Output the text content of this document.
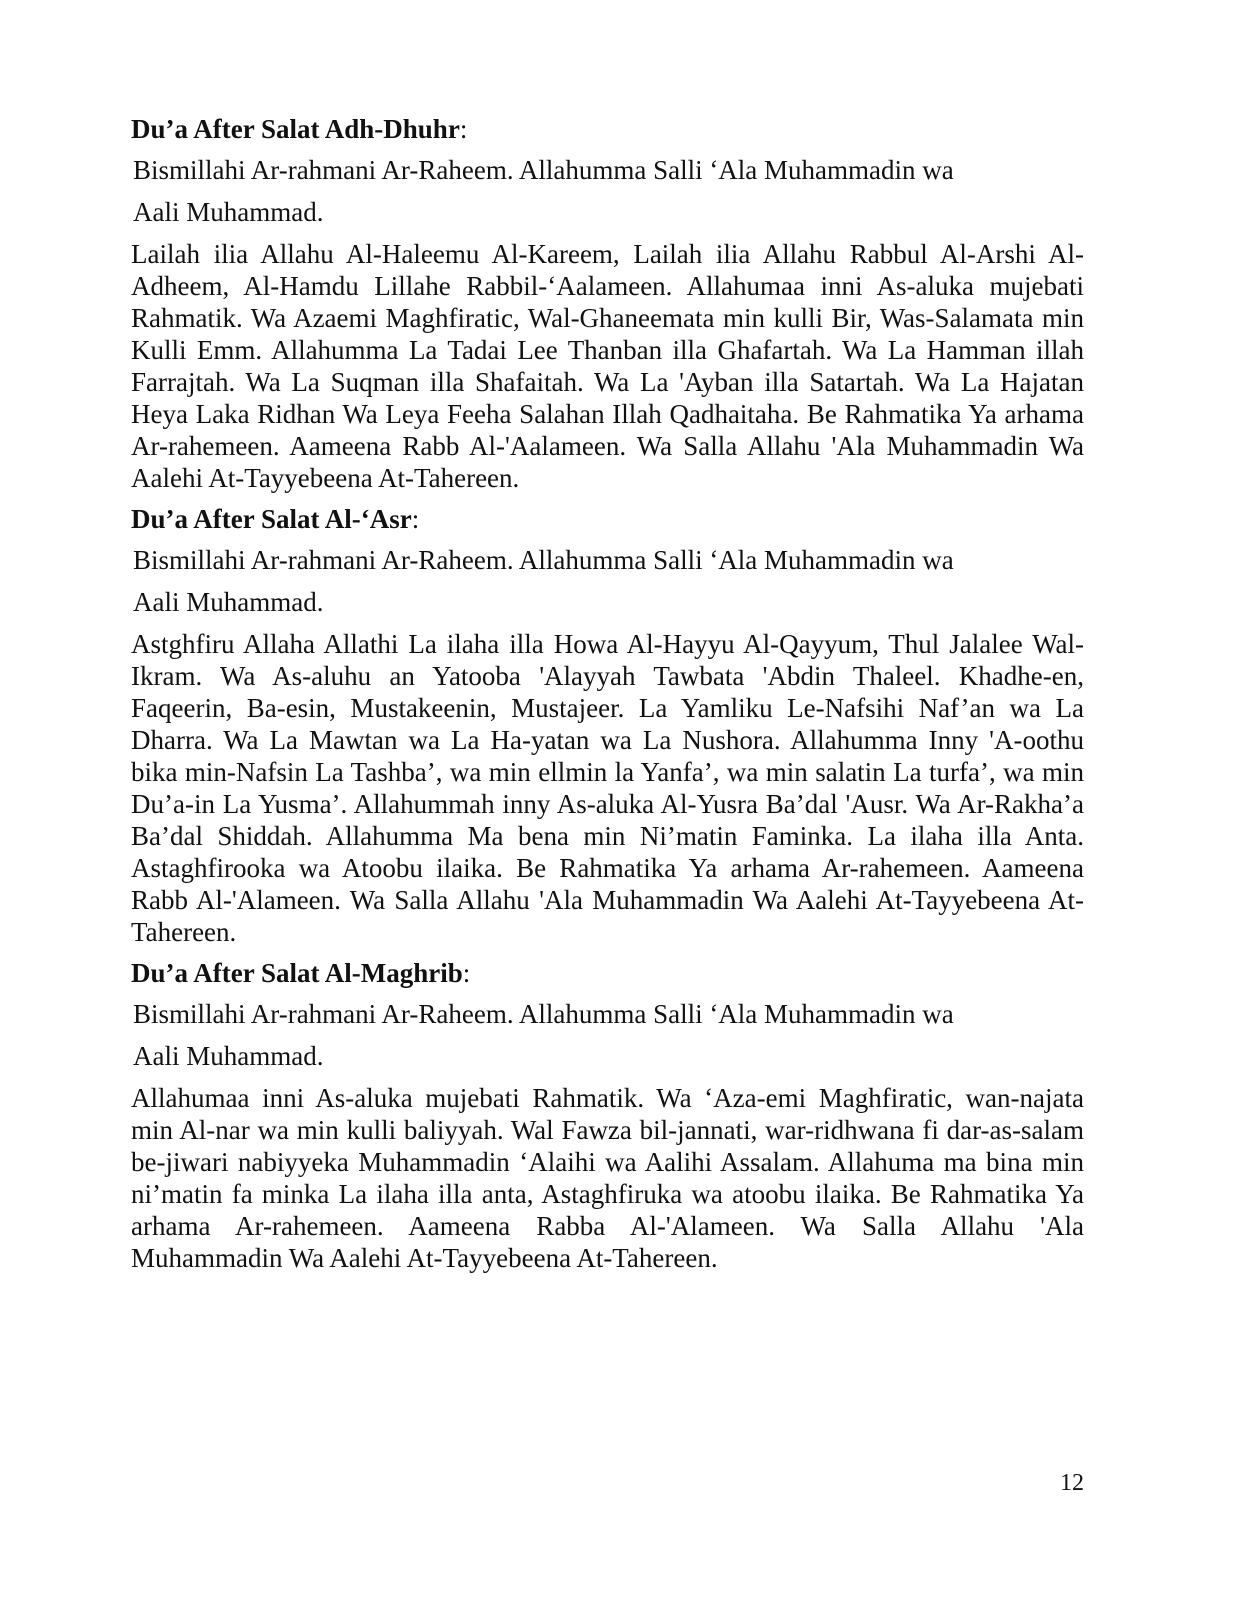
Du’a After Salat Adh-Dhuhr:
Bismillahi Ar-rahmani Ar-Raheem. Allahumma Salli ‘Ala Muhammadin wa
Aali Muhammad.

Lailah ilia Allahu Al-Haleemu Al-Kareem, Lailah ilia Allahu Rabbul Al-Arshi Al-Adheem, Al-Hamdu Lillahe Rabbil-‘Aalameen. Allahumaa inni As-aluka mujebati Rahmatik. Wa Azaemi Maghfiratic, Wal-Ghaneemata min kulli Bir, Was-Salamata min Kulli Emm. Allahumma La Tadai Lee Thanban illa Ghafartah. Wa La Hamman illah Farrajtah. Wa La Suqman illa Shafaitah. Wa La 'Ayban illa Satartah. Wa La Hajatan Heya Laka Ridhan Wa Leya Feeha Salahan Illah Qadhaitaha. Be Rahmatika Ya arhama Ar-rahemeen. Aameena Rabb Al-'Aalameen. Wa Salla Allahu 'Ala Muhammadin Wa Aalehi At-Tayyebeena At-Tahereen.

Du’a After Salat Al-‘Asr:
Bismillahi Ar-rahmani Ar-Raheem. Allahumma Salli ‘Ala Muhammadin wa
Aali Muhammad.

Astghfiru Allaha Allathi La ilaha illa Howa Al-Hayyu Al-Qayyum, Thul Jalalee Wal-Ikram. Wa As-aluhu an Yatooba 'Alayyah Tawbata 'Abdin Thaleel. Khadhe-en, Faqeerin, Ba-esin, Mustakeenin, Mustajeer. La Yamliku Le-Nafsihi Naf’an wa La Dharra. Wa La Mawtan wa La Ha-yatan wa La Nushora. Allahumma Inny 'A-oothu bika min-Nafsin La Tashba’, wa min ellmin la Yanfa’, wa min salatin La turfa’, wa min Du’a-in La Yusma’. Allahummah inny As-aluka Al-Yusra Ba’dal 'Ausr. Wa Ar-Rakha’a Ba’dal Shiddah. Allahumma Ma bena min Ni’matin Faminka. La ilaha illa Anta. Astaghfirooka wa Atoobu ilaika. Be Rahmatika Ya arhama Ar-rahemeen. Aameena Rabb Al-'Alameen. Wa Salla Allahu 'Ala Muhammadin Wa Aalehi At-Tayyebeena At-Tahereen.

Du’a After Salat Al-Maghrib:
Bismillahi Ar-rahmani Ar-Raheem. Allahumma Salli ‘Ala Muhammadin wa
Aali Muhammad.

Allahumaa inni As-aluka mujebati Rahmatik. Wa ‘Aza-emi Maghfiratic, wan-najata min Al-nar wa min kulli baliyyah. Wal Fawza bil-jannati, war-ridhwana fi dar-as-salam be-jiwari nabiyyeka Muhammadin ‘Alaihi wa Aalihi Assalam. Allahuma ma bina min ni’matin fa minka La ilaha illa anta, Astaghfiruka wa atoobu ilaika. Be Rahmatika Ya arhama Ar-rahemeen. Aameena Rabba Al-'Alameen. Wa Salla Allahu 'Ala Muhammadin Wa Aalehi At-Tayyebeena At-Tahereen.

12
